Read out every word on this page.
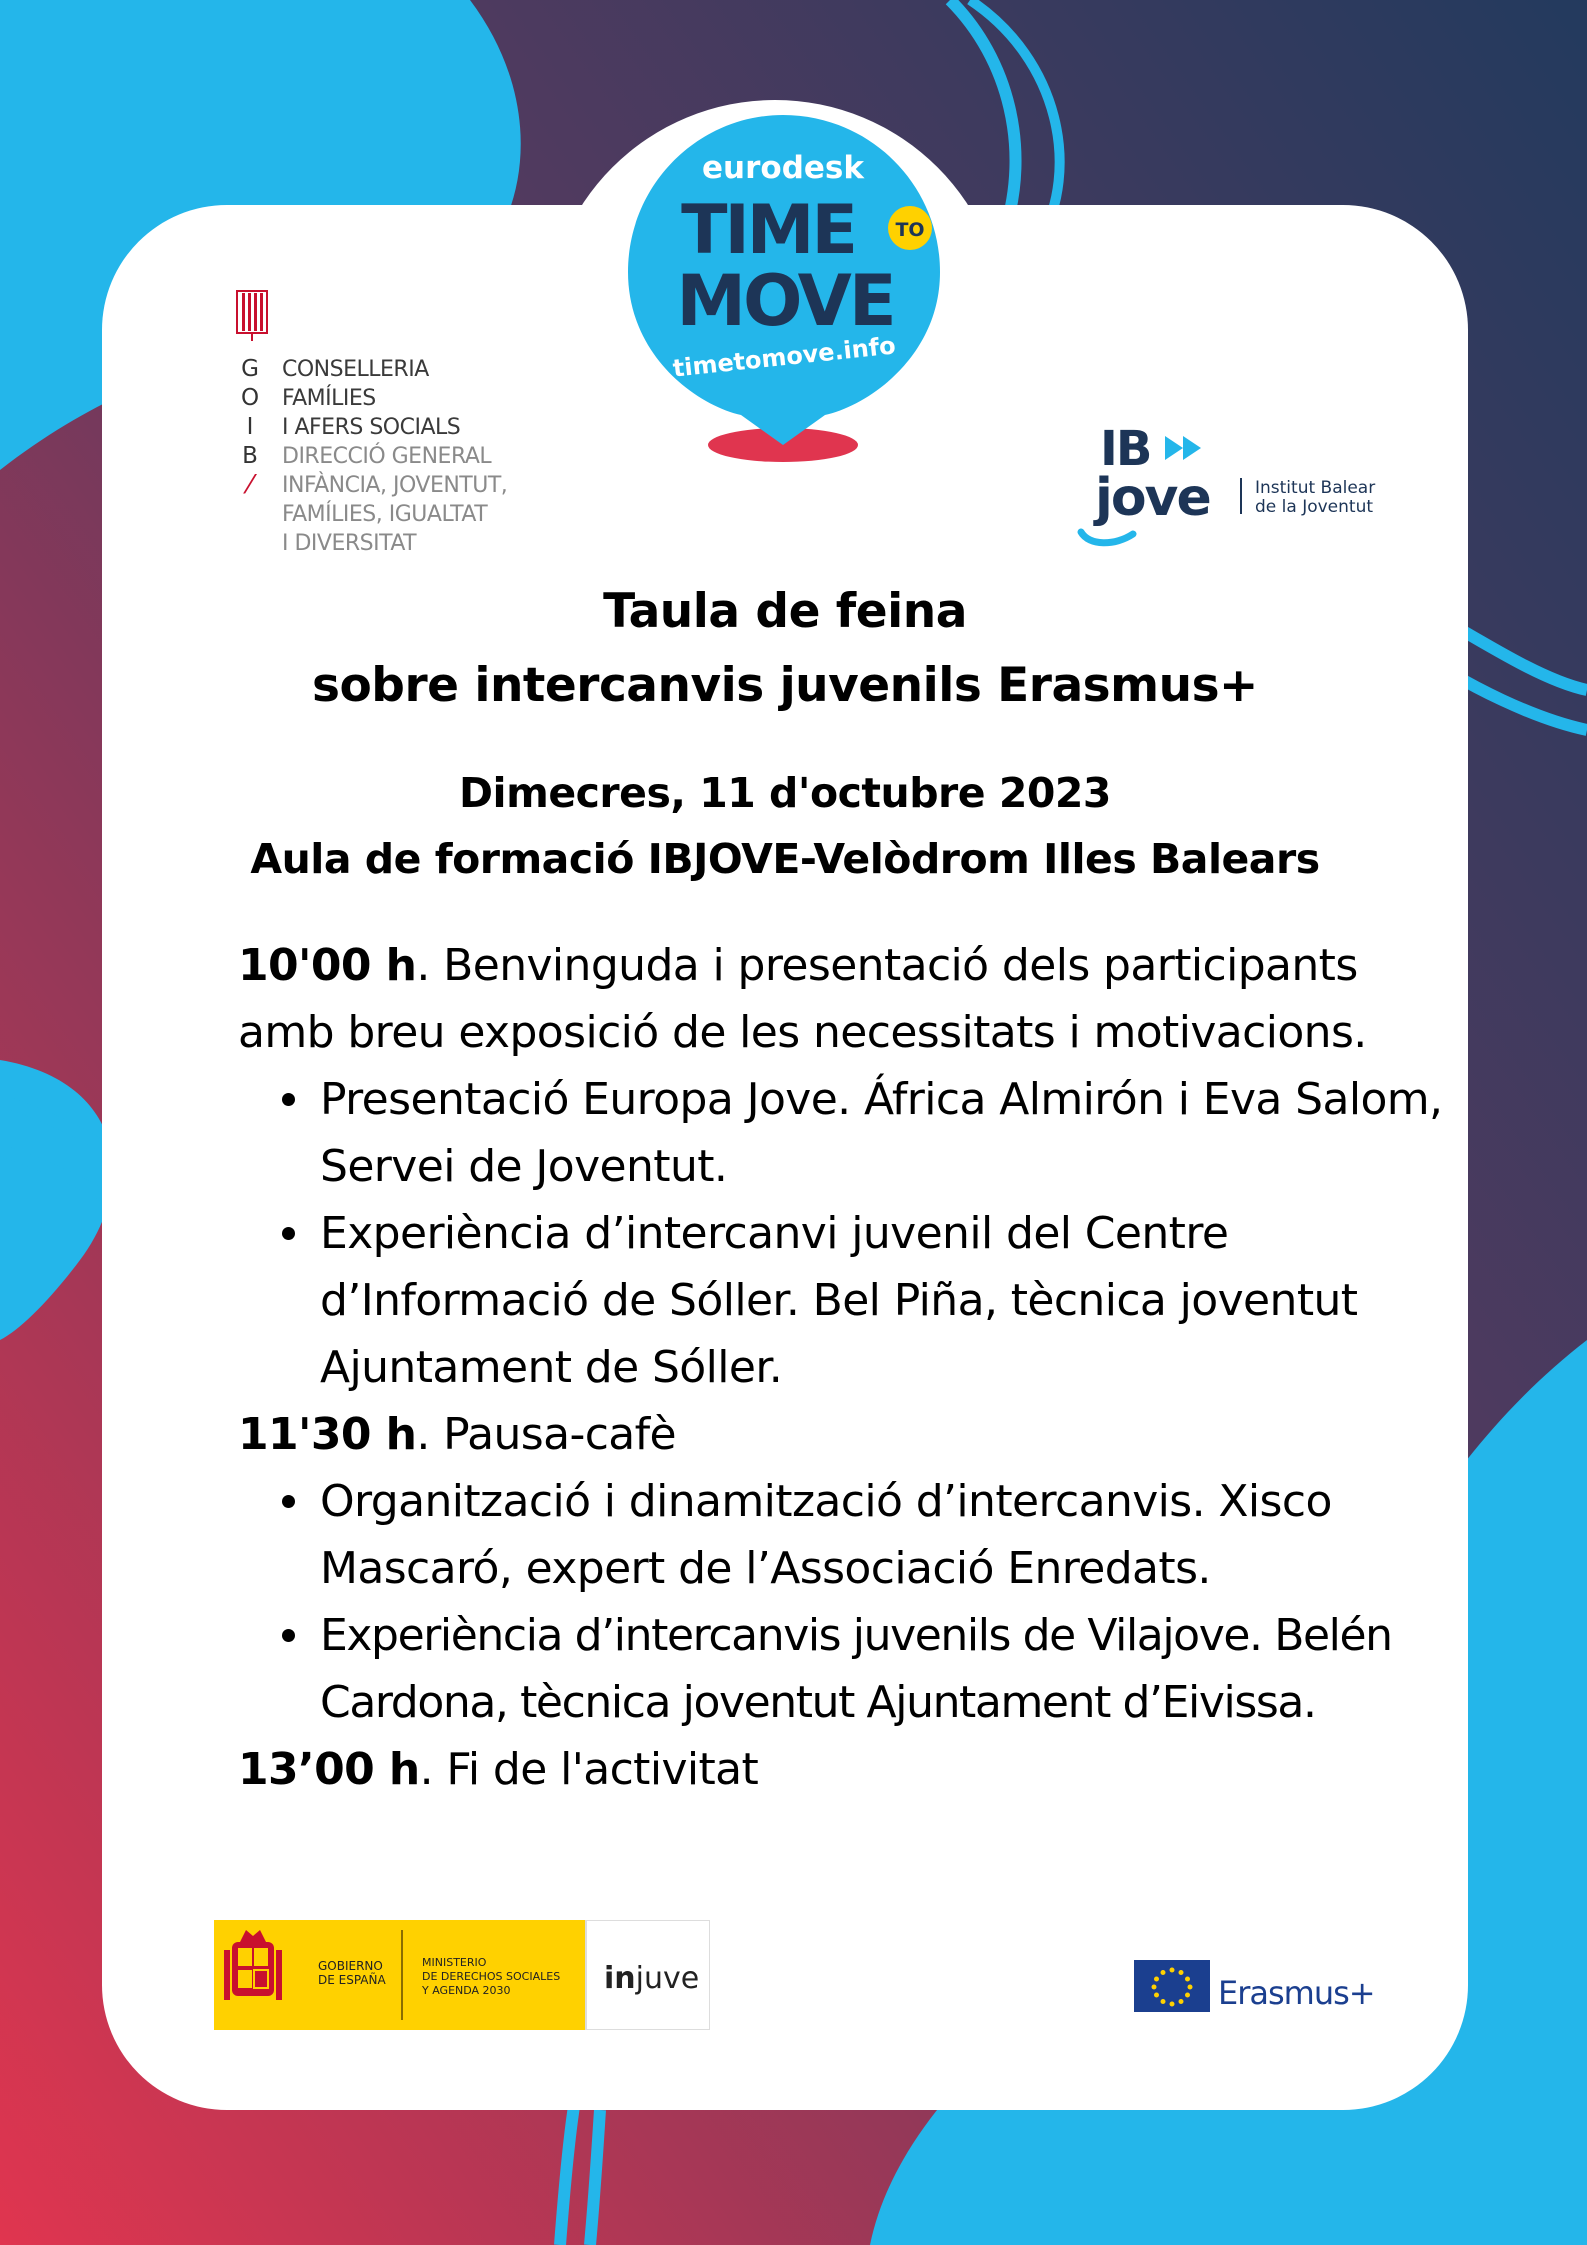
eurodesk
TIME TO
MOVE
timetomove.info
G
O
I
B
⁄
CONSELLERIA
FAMÍLIES
I AFERS SOCIALS
DIRECCIÓ GENERAL
INFÀNCIA, JOVENTUT,
FAMÍLIES, IGUALTAT
I DIVERSITAT
IB
jove	Institut Balear
de la Joventut
Taula de feina
sobre intercanvis juvenils Erasmus+
Dimecres, 11 d'octubre 2023
Aula de formació IBJOVE-Velòdrom Illes Balears

10'00 h. Benvinguda i presentació dels participants amb breu exposició de les necessitats i motivacions.

Presentació Europa Jove. África Almirón i Eva Salom, Servei de Joventut.
Experiència d’intercanvi juvenil del Centre d’Informació de Sóller. Bel Piña, tècnica joventut Ajuntament de Sóller.

11'30 h. Pausa-cafè

Organització i dinamització d’intercanvis. Xisco Mascaró, expert de l’Associació Enredats.
Experiència d’intercanvis juvenils de Vilajove. Belén Cardona, tècnica joventut Ajuntament d’Eivissa.

13’00 h. Fi de l'activitat

GOBIERNO
DE ESPAÑA
MINISTERIO
DE DERECHOS SOCIALES
Y AGENDA 2030	injuve	Erasmus+
